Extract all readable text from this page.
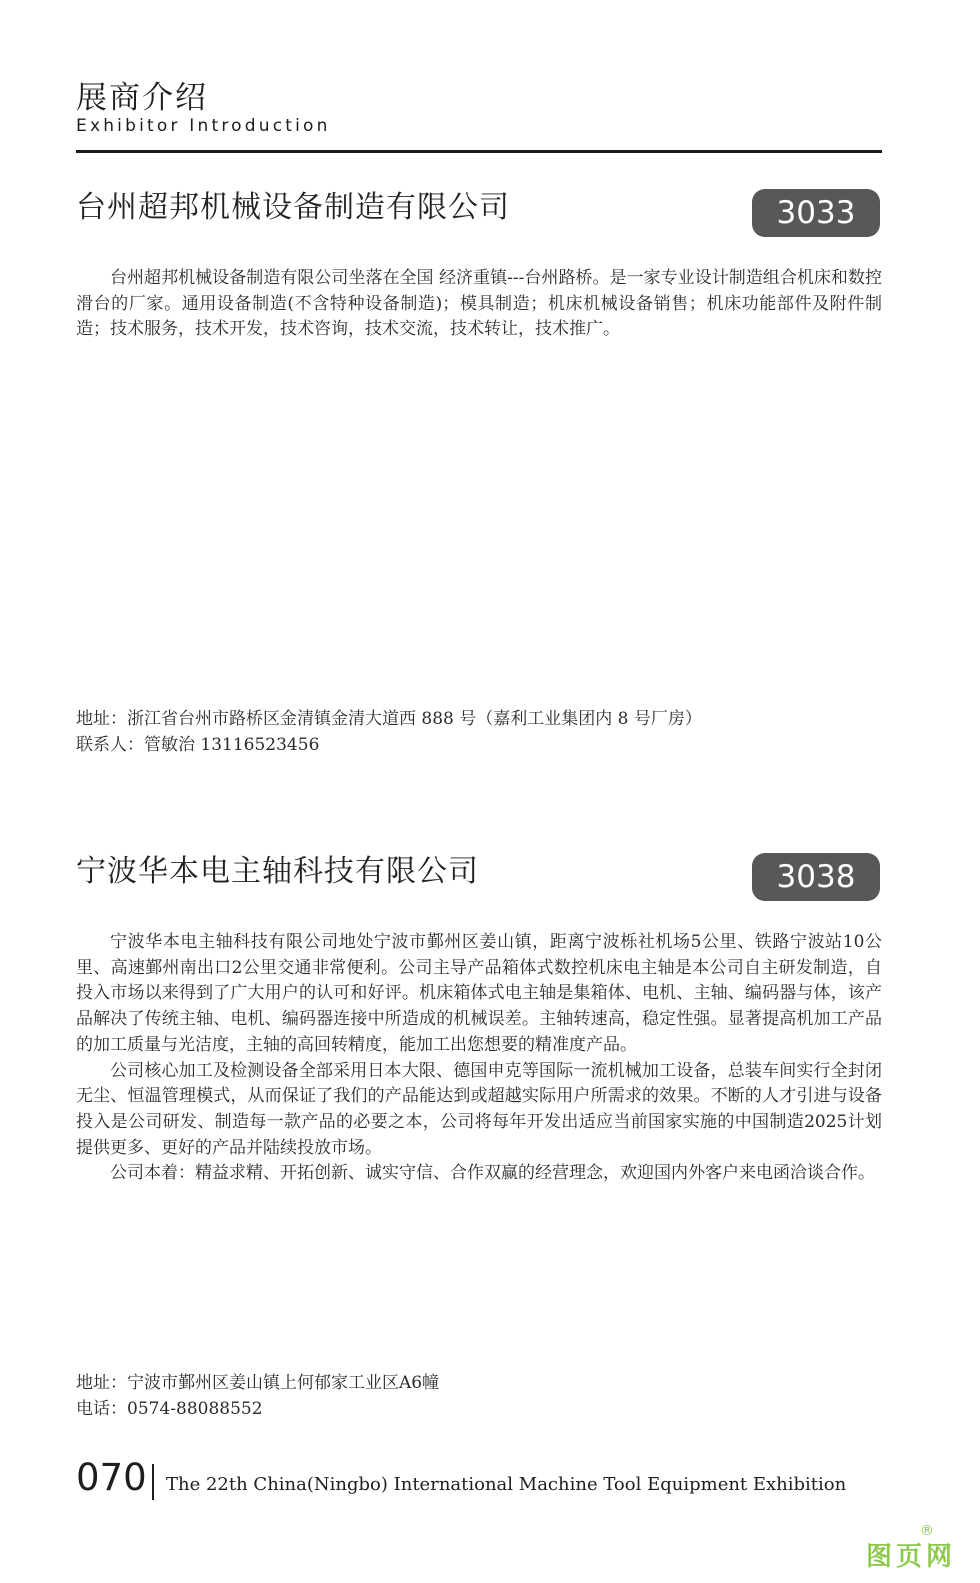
展商介绍
Exhibitor Introduction
台州超邦机械设备制造有限公司	3033

台州超邦机械设备制造有限公司坐落在全国 经济重镇---台州路桥。是一家专业设计制造组合机床和数控滑台的厂家。通用设备制造(不含特种设备制造)；模具制造；机床机械设备销售；机床功能部件及附件制造；技术服务，技术开发，技术咨询，技术交流，技术转让，技术推广。

地址：浙江省台州市路桥区金清镇金清大道西 888 号（嘉利工业集团内 8 号厂房）
联系人：管敏治 13116523456
宁波华本电主轴科技有限公司	3038

宁波华本电主轴科技有限公司地处宁波市鄞州区姜山镇，距离宁波栎社机场5公里、铁路宁波站10公里、高速鄞州南出口2公里交通非常便利。公司主导产品箱体式数控机床电主轴是本公司自主研发制造，自投入市场以来得到了广大用户的认可和好评。机床箱体式电主轴是集箱体、电机、主轴、编码器与体，该产品解决了传统主轴、电机、编码器连接中所造成的机械误差。主轴转速高，稳定性强。显著提高机加工产品的加工质量与光洁度，主轴的高回转精度，能加工出您想要的精准度产品。

公司核心加工及检测设备全部采用日本大限、德国申克等国际一流机械加工设备，总装车间实行全封闭无尘、恒温管理模式，从而保证了我们的产品能达到或超越实际用户所需求的效果。不断的人才引进与设备投入是公司研发、制造每一款产品的必要之本，公司将每年开发出适应当前国家实施的中国制造2025计划提供更多、更好的产品并陆续投放市场。

公司本着：精益求精、开拓创新、诚实守信、合作双赢的经营理念，欢迎国内外客户来电函洽谈合作。

地址：宁波市鄞州区姜山镇上何郁家工业区A6幢
电话：0574-88088552
070 The 22th China(Ningbo) International Machine Tool Equipment Exhibition
®
图页网
